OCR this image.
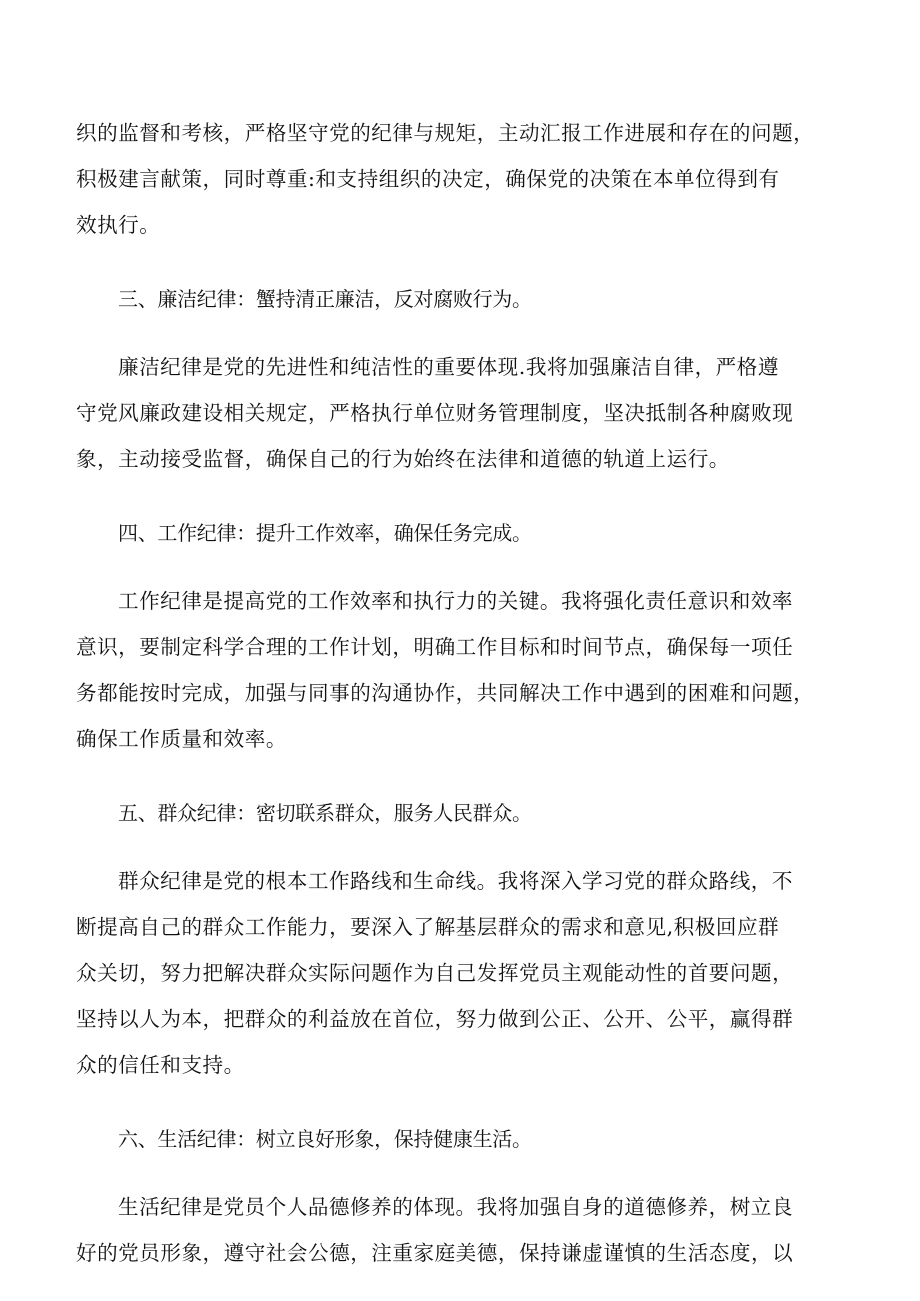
织的监督和考核，严格坚守党的纪律与规矩，主动汇报工作进展和存在的问题，
积极建言献策，同时尊重:和支持组织的决定，确保党的决策在本单位得到有
效执行。
三、廉洁纪律：蟹持清正廉洁，反对腐败行为。
廉洁纪律是党的先进性和纯洁性的重要体现.我将加强廉洁自律，严格遵
守党风廉政建设相关规定，严格执行单位财务管理制度，坚决抵制各种腐败现
象，主动接受监督，确保自己的行为始终在法律和道德的轨道上运行。
四、工作纪律：提升工作效率，确保任务完成。
工作纪律是提高党的工作效率和执行力的关键。我将强化责任意识和效率
意识，要制定科学合理的工作计划，明确工作目标和时间节点，确保每一项任
务都能按时完成，加强与同事的沟通协作，共同解决工作中遇到的困难和问题，
确保工作质量和效率。
五、群众纪律：密切联系群众，服务人民群众。
群众纪律是党的根本工作路线和生命线。我将深入学习党的群众路线，不
断提高自己的群众工作能力，要深入了解基层群众的需求和意见,积极回应群
众关切，努力把解决群众实际问题作为自己发挥党员主观能动性的首要问题，
坚持以人为本，把群众的利益放在首位，努力做到公正、公开、公平，赢得群
众的信任和支持。
六、生活纪律：树立良好形象，保持健康生活。
生活纪律是党员个人品德修养的体现。我将加强自身的道德修养，树立良
好的党员形象，遵守社会公德，注重家庭美德，保持谦虚谨慎的生活态度，以
